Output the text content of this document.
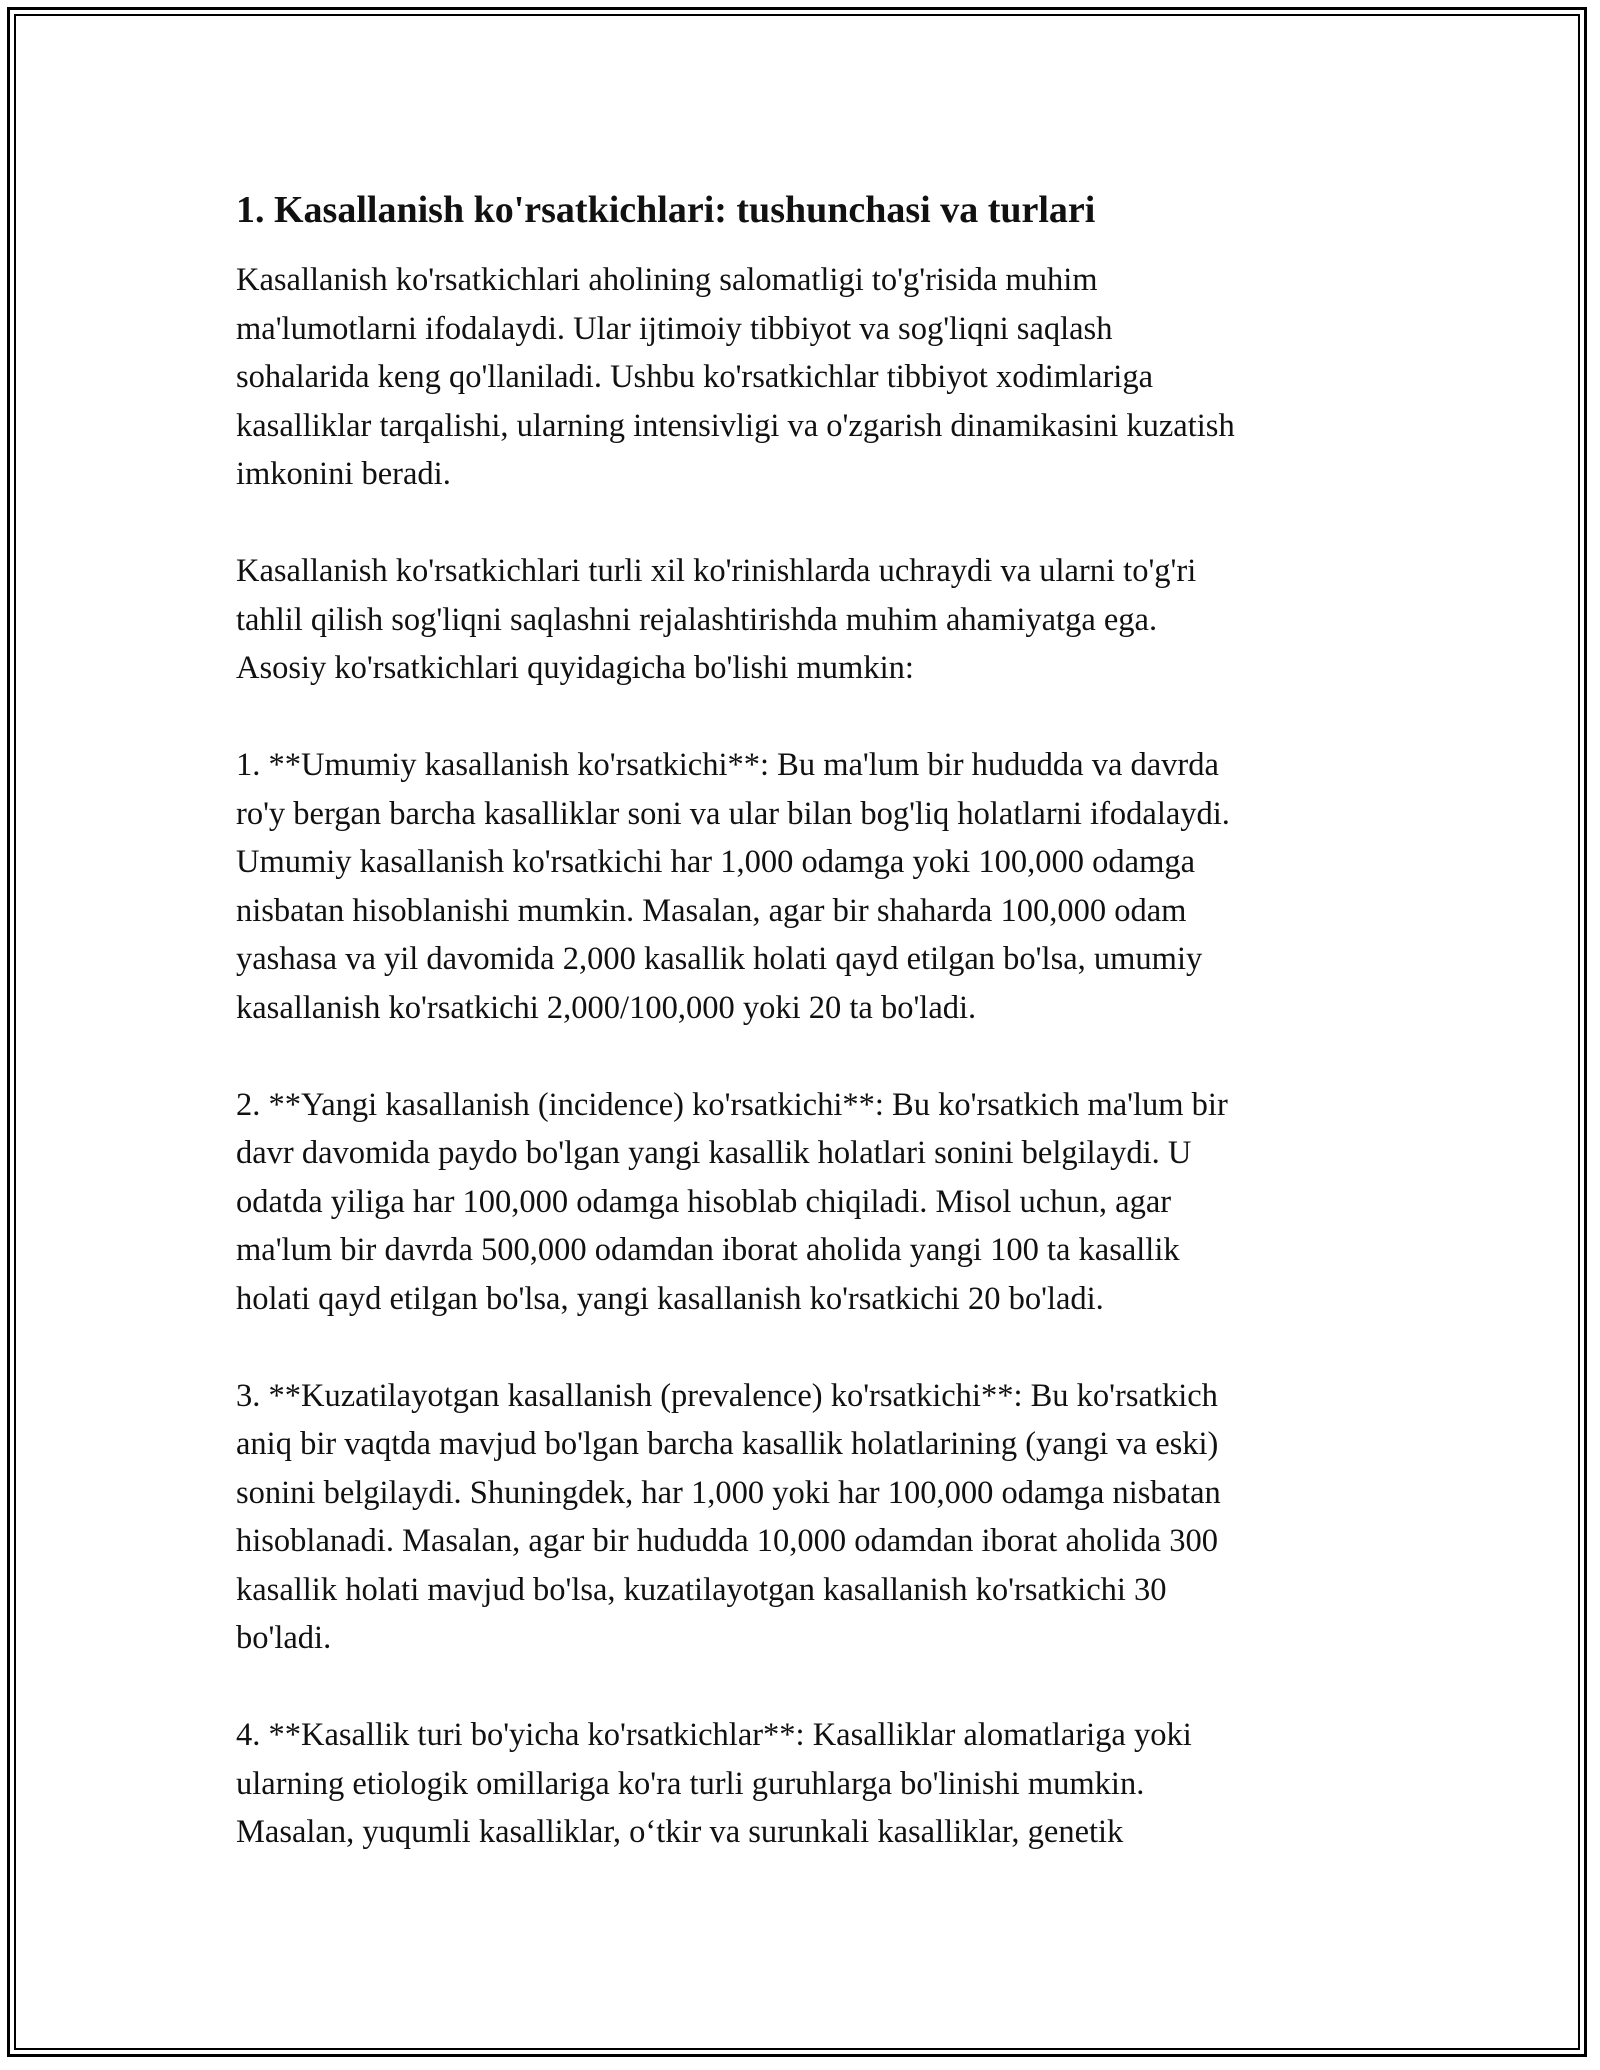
1. Kasallanish ko'rsatkichlari: tushunchasi va turlari
Kasallanish ko'rsatkichlari aholining salomatligi to'g'risida muhim
ma'lumotlarni ifodalaydi. Ular ijtimoiy tibbiyot va sog'liqni saqlash
sohalarida keng qo'llaniladi. Ushbu ko'rsatkichlar tibbiyot xodimlariga
kasalliklar tarqalishi, ularning intensivligi va o'zgarish dinamikasini kuzatish
imkonini beradi.
Kasallanish ko'rsatkichlari turli xil ko'rinishlarda uchraydi va ularni to'g'ri
tahlil qilish sog'liqni saqlashni rejalashtirishda muhim ahamiyatga ega.
Asosiy ko'rsatkichlari quyidagicha bo'lishi mumkin:
1. **Umumiy kasallanish ko'rsatkichi**: Bu ma'lum bir hududda va davrda
ro'y bergan barcha kasalliklar soni va ular bilan bog'liq holatlarni ifodalaydi.
Umumiy kasallanish ko'rsatkichi har 1,000 odamga yoki 100,000 odamga
nisbatan hisoblanishi mumkin. Masalan, agar bir shaharda 100,000 odam
yashasa va yil davomida 2,000 kasallik holati qayd etilgan bo'lsa, umumiy
kasallanish ko'rsatkichi 2,000/100,000 yoki 20 ta bo'ladi.
2. **Yangi kasallanish (incidence) ko'rsatkichi**: Bu ko'rsatkich ma'lum bir
davr davomida paydo bo'lgan yangi kasallik holatlari sonini belgilaydi. U
odatda yiliga har 100,000 odamga hisoblab chiqiladi. Misol uchun, agar
ma'lum bir davrda 500,000 odamdan iborat aholida yangi 100 ta kasallik
holati qayd etilgan bo'lsa, yangi kasallanish ko'rsatkichi 20 bo'ladi.
3. **Kuzatilayotgan kasallanish (prevalence) ko'rsatkichi**: Bu ko'rsatkich
aniq bir vaqtda mavjud bo'lgan barcha kasallik holatlarining (yangi va eski)
sonini belgilaydi. Shuningdek, har 1,000 yoki har 100,000 odamga nisbatan
hisoblanadi. Masalan, agar bir hududda 10,000 odamdan iborat aholida 300
kasallik holati mavjud bo'lsa, kuzatilayotgan kasallanish ko'rsatkichi 30
bo'ladi.
4. **Kasallik turi bo'yicha ko'rsatkichlar**: Kasalliklar alomatlariga yoki
ularning etiologik omillariga ko'ra turli guruhlarga bo'linishi mumkin.
Masalan, yuqumli kasalliklar, o‘tkir va surunkali kasalliklar, genetik
